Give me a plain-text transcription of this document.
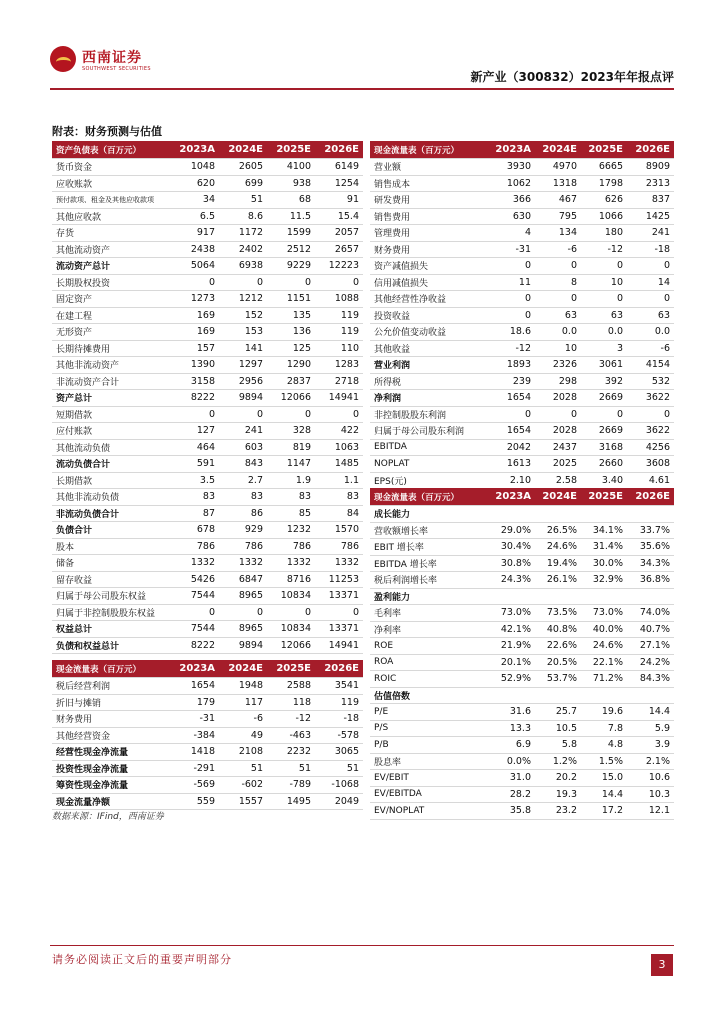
西南证券
SOUTHWEST SECURITIES
新产业（300832）2023年年报点评
附表：财务预测与估值
资产负债表（百万元）	2023A	2024E	2025E	2026E
货币资金	1048	2605	4100	6149
应收账款	620	699	938	1254
预付款项、租金及其他应收款项	34	51	68	91
其他应收款	6.5	8.6	11.5	15.4
存货	917	1172	1599	2057
其他流动资产	2438	2402	2512	2657
流动资产总计	5064	6938	9229	12223
长期股权投资	0	0	0	0
固定资产	1273	1212	1151	1088
在建工程	169	152	135	119
无形资产	169	153	136	119
长期待摊费用	157	141	125	110
其他非流动资产	1390	1297	1290	1283
非流动资产合计	3158	2956	2837	2718
资产总计	8222	9894	12066	14941
短期借款	0	0	0	0
应付账款	127	241	328	422
其他流动负债	464	603	819	1063
流动负债合计	591	843	1147	1485
长期借款	3.5	2.7	1.9	1.1
其他非流动负债	83	83	83	83
非流动负债合计	87	86	85	84
负债合计	678	929	1232	1570
股本	786	786	786	786
储备	1332	1332	1332	1332
留存收益	5426	6847	8716	11253
归属于母公司股东权益	7544	8965	10834	13371
归属于非控制股股东权益	0	0	0	0
权益总计	7544	8965	10834	13371
负债和权益总计	8222	9894	12066	14941
现金流量表（百万元）	2023A	2024E	2025E	2026E
税后经营利润	1654	1948	2588	3541
折旧与摊销	179	117	118	119
财务费用	-31	-6	-12	-18
其他经营资金	-384	49	-463	-578
经营性现金净流量	1418	2108	2232	3065
投资性现金净流量	-291	51	51	51
筹资性现金净流量	-569	-602	-789	-1068
现金流量净额	559	1557	1495	2049
现金流量表（百万元）	2023A	2024E	2025E	2026E
营业额	3930	4970	6665	8909
销售成本	1062	1318	1798	2313
研发费用	366	467	626	837
销售费用	630	795	1066	1425
管理费用	4	134	180	241
财务费用	-31	-6	-12	-18
资产减值损失	0	0	0	0
信用减值损失	11	8	10	14
其他经营性净收益	0	0	0	0
投资收益	0	63	63	63
公允价值变动收益	18.6	0.0	0.0	0.0
其他收益	-12	10	3	-6
营业利润	1893	2326	3061	4154
所得税	239	298	392	532
净利润	1654	2028	2669	3622
非控制股股东利润	0	0	0	0
归属于母公司股东利润	1654	2028	2669	3622
EBITDA	2042	2437	3168	4256
NOPLAT	1613	2025	2660	3608
EPS(元)	2.10	2.58	3.40	4.61

现金流量表（百万元）	2023A	2024E	2025E	2026E
成长能力				
营收额增长率	29.0%	26.5%	34.1%	33.7%
EBIT 增长率	30.4%	24.6%	31.4%	35.6%
EBITDA 增长率	30.8%	19.4%	30.0%	34.3%
税后利润增长率	24.3%	26.1%	32.9%	36.8%
盈利能力				
毛利率	73.0%	73.5%	73.0%	74.0%
净利率	42.1%	40.8%	40.0%	40.7%
ROE	21.9%	22.6%	24.6%	27.1%
ROA	20.1%	20.5%	22.1%	24.2%
ROIC	52.9%	53.7%	71.2%	84.3%
估值倍数				
P/E	31.6	25.7	19.6	14.4
P/S	13.3	10.5	7.8	5.9
P/B	6.9	5.8	4.8	3.9
股息率	0.0%	1.2%	1.5%	2.1%
EV/EBIT	31.0	20.2	15.0	10.6
EV/EBITDA	28.2	19.3	14.4	10.3
EV/NOPLAT	35.8	23.2	17.2	12.1
数据来源：IFind，西南证券
请务必阅读正文后的重要声明部分	3
